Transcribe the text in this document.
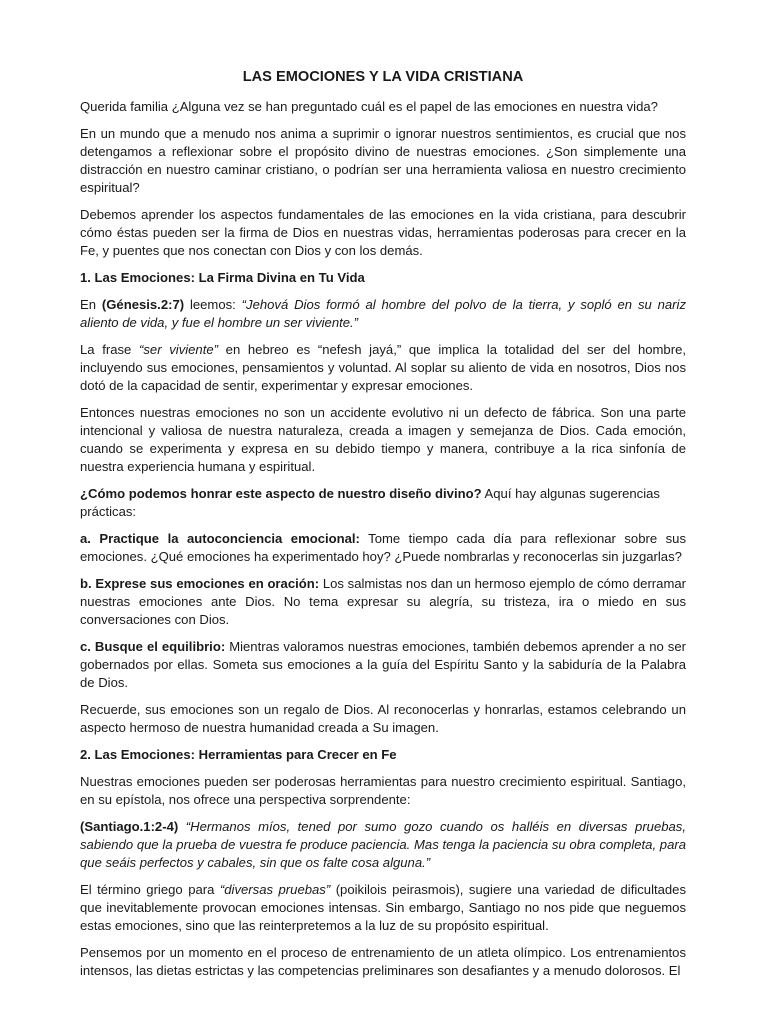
LAS EMOCIONES Y LA VIDA CRISTIANA

Querida familia ¿Alguna vez se han preguntado cuál es el papel de las emociones en nuestra vida?

En un mundo que a menudo nos anima a suprimir o ignorar nuestros sentimientos, es crucial que nos detengamos a reflexionar sobre el propósito divino de nuestras emociones. ¿Son simplemente una distracción en nuestro caminar cristiano, o podrían ser una herramienta valiosa en nuestro crecimiento espiritual?

Debemos aprender los aspectos fundamentales de las emociones en la vida cristiana, para descubrir cómo éstas pueden ser la firma de Dios en nuestras vidas, herramientas poderosas para crecer en la Fe, y puentes que nos conectan con Dios y con los demás.

1. Las Emociones: La Firma Divina en Tu Vida

En (Génesis.2:7) leemos: “Jehová Dios formó al hombre del polvo de la tierra, y sopló en su nariz aliento de vida, y fue el hombre un ser viviente.”

La frase “ser viviente” en hebreo es “nefesh jayá,” que implica la totalidad del ser del hombre, incluyendo sus emociones, pensamientos y voluntad. Al soplar su aliento de vida en nosotros, Dios nos dotó de la capacidad de sentir, experimentar y expresar emociones.

Entonces nuestras emociones no son un accidente evolutivo ni un defecto de fábrica. Son una parte intencional y valiosa de nuestra naturaleza, creada a imagen y semejanza de Dios. Cada emoción, cuando se experimenta y expresa en su debido tiempo y manera, contribuye a la rica sinfonía de nuestra experiencia humana y espiritual.

¿Cómo podemos honrar este aspecto de nuestro diseño divino? Aquí hay algunas sugerencias prácticas:

a. Practique la autoconciencia emocional: Tome tiempo cada día para reflexionar sobre sus emociones. ¿Qué emociones ha experimentado hoy? ¿Puede nombrarlas y reconocerlas sin juzgarlas?

b. Exprese sus emociones en oración: Los salmistas nos dan un hermoso ejemplo de cómo derramar nuestras emociones ante Dios. No tema expresar su alegría, su tristeza, ira o miedo en sus conversaciones con Dios.

c. Busque el equilibrio: Mientras valoramos nuestras emociones, también debemos aprender a no ser gobernados por ellas. Someta sus emociones a la guía del Espíritu Santo y la sabiduría de la Palabra de Dios.

Recuerde, sus emociones son un regalo de Dios. Al reconocerlas y honrarlas, estamos celebrando un aspecto hermoso de nuestra humanidad creada a Su imagen.

2. Las Emociones: Herramientas para Crecer en Fe

Nuestras emociones pueden ser poderosas herramientas para nuestro crecimiento espiritual. Santiago, en su epístola, nos ofrece una perspectiva sorprendente:

(Santiago.1:2-4) “Hermanos míos, tened por sumo gozo cuando os halléis en diversas pruebas, sabiendo que la prueba de vuestra fe produce paciencia. Mas tenga la paciencia su obra completa, para que seáis perfectos y cabales, sin que os falte cosa alguna.”

El término griego para “diversas pruebas” (poikilois peirasmois), sugiere una variedad de dificultades que inevitablemente provocan emociones intensas. Sin embargo, Santiago no nos pide que neguemos estas emociones, sino que las reinterpretemos a la luz de su propósito espiritual.

Pensemos por un momento en el proceso de entrenamiento de un atleta olímpico. Los entrenamientos intensos, las dietas estrictas y las competencias preliminares son desafiantes y a menudo dolorosos. El
